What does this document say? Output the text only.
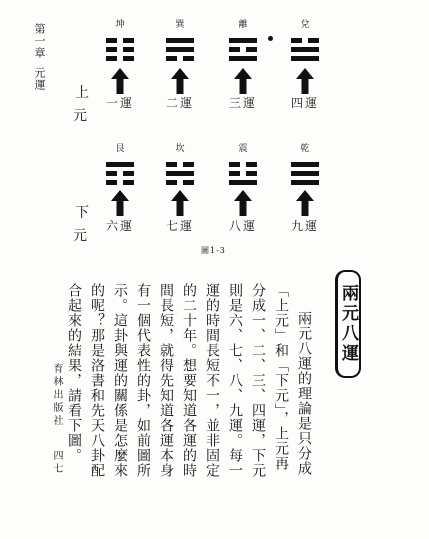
第一章
元運
上
元
下
元
坤
一運
巽
二運
離
三運
兌
四運
艮
六運
坎
七運
震
八運
乾
九運
圖1-3
兩元八運

兩元八運的理論是只分成「上元」和「下元」，上元再分成一、二、三、四運，下元則是六、七、八、九運。每一運的時間長短不一，並非固定的二十年。想要知道各運的時間長短，就得先知道各運本身有一個代表性的卦，如前圖所示。這卦與運的關係是怎麼來的呢？那是洛書和先天八卦配合起來的結果，請看下圖。

育林出版社
四七
